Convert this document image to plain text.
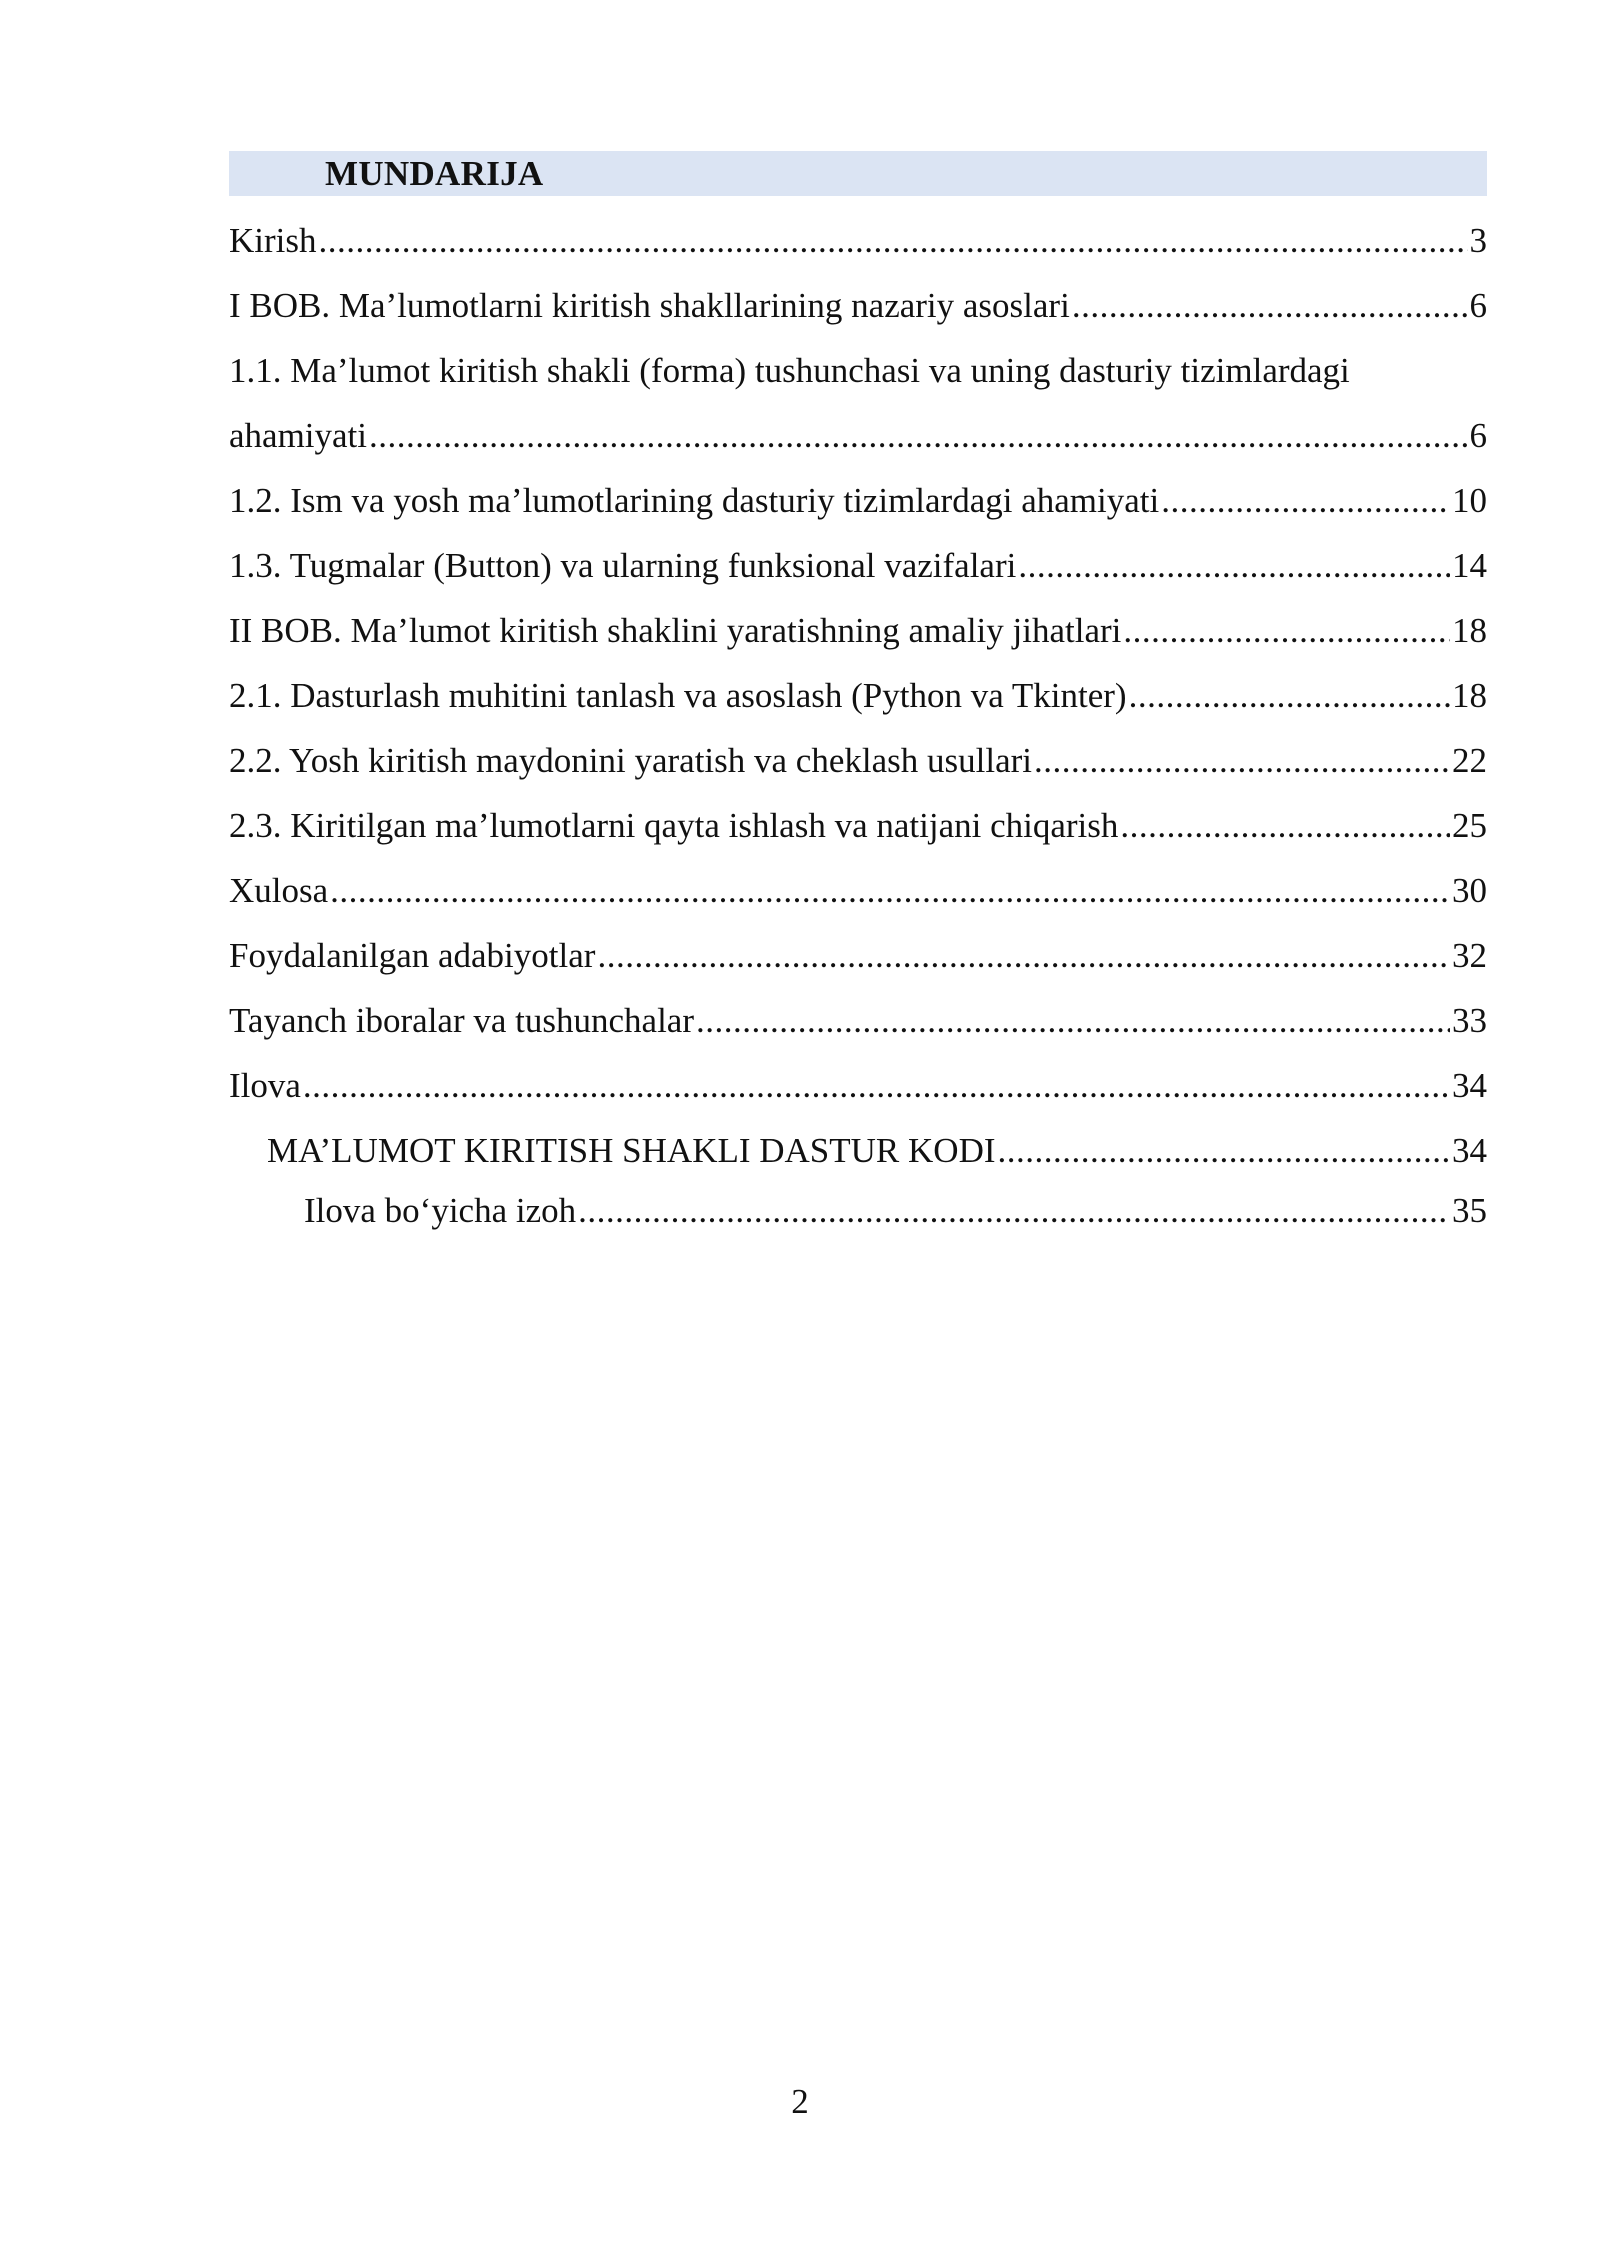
MUNDARIJA
Kirish .....	3
I BOB. Ma’lumotlarni kiritish shakllarining nazariy asoslari .....	6
1.1. Ma’lumot kiritish shakli (forma) tushunchasi va uning dasturiy tizimlardagi
ahamiyati .....	6
1.2. Ism va yosh ma’lumotlarining dasturiy tizimlardagi ahamiyati .....	10
1.3. Tugmalar (Button) va ularning funksional vazifalari .....	14
II BOB. Ma’lumot kiritish shaklini yaratishning amaliy jihatlari .....	18
2.1. Dasturlash muhitini tanlash va asoslash (Python va Tkinter) .....	18
2.2. Yosh kiritish maydonini yaratish va cheklash usullari .....	22
2.3. Kiritilgan ma’lumotlarni qayta ishlash va natijani chiqarish .....	25
Xulosa .....	30
Foydalanilgan adabiyotlar .....	32
Tayanch iboralar va tushunchalar .....	33
Ilova .....	34
MA’LUMOT KIRITISH SHAKLI DASTUR KODI .....	34
Ilova bo‘yicha izoh .....	35
2
